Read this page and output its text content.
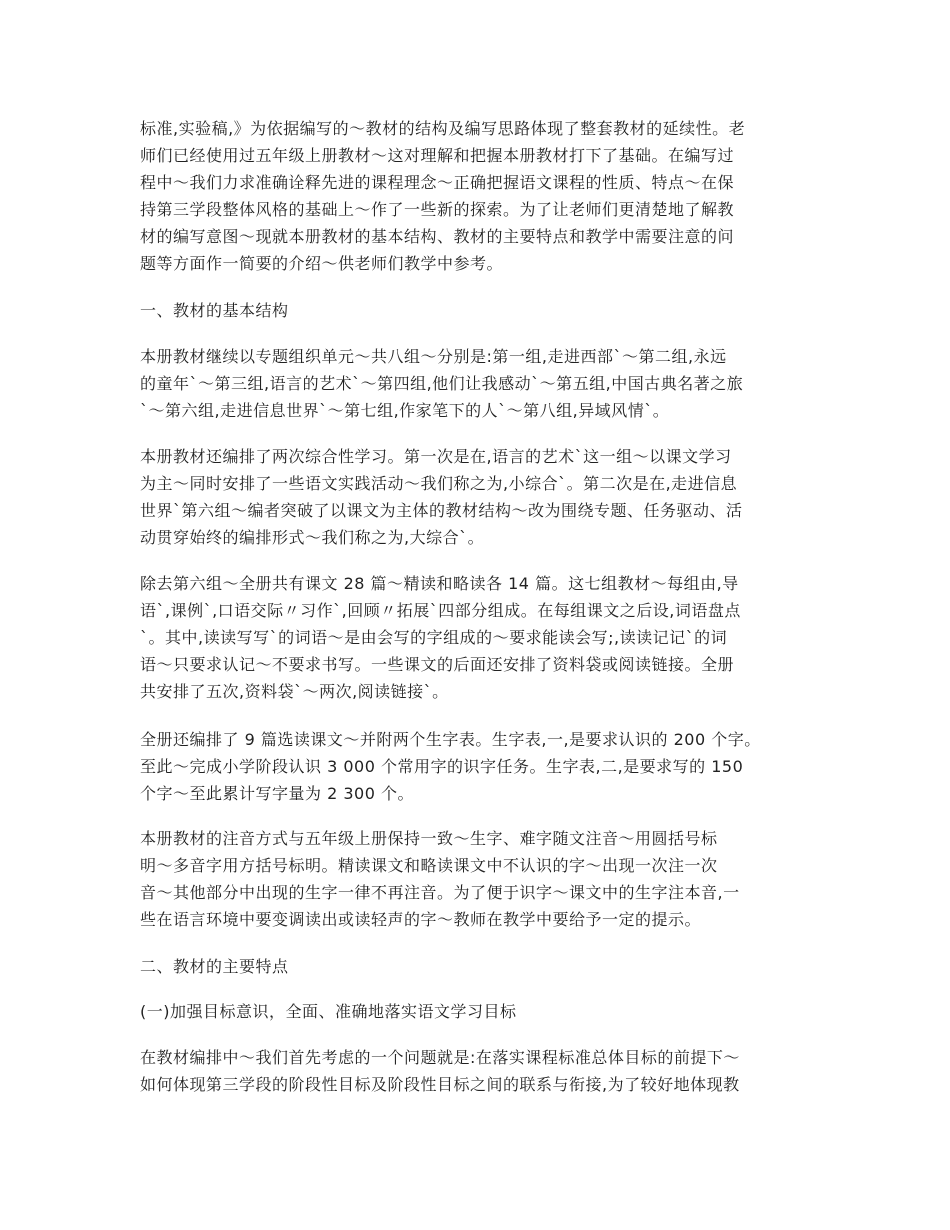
标准,实验稿,》为依据编写的～教材的结构及编写思路体现了整套教材的延续性。老
师们已经使用过五年级上册教材～这对理解和把握本册教材打下了基础。在编写过
程中～我们力求准确诠释先进的课程理念～正确把握语文课程的性质、特点～在保
持第三学段整体风格的基础上～作了一些新的探索。为了让老师们更清楚地了解教
材的编写意图～现就本册教材的基本结构、教材的主要特点和教学中需要注意的问
题等方面作一简要的介绍～供老师们教学中参考。
一、教材的基本结构
本册教材继续以专题组织单元～共八组～分别是:第一组,走进西部`～第二组,永远
的童年`～第三组,语言的艺术`～第四组,他们让我感动`～第五组,中国古典名著之旅
`～第六组,走进信息世界`～第七组,作家笔下的人`～第八组,异域风情`。
本册教材还编排了两次综合性学习。第一次是在,语言的艺术`这一组～以课文学习
为主～同时安排了一些语文实践活动～我们称之为,小综合`。第二次是在,走进信息
世界`第六组～编者突破了以课文为主体的教材结构～改为围绕专题、任务驱动、活
动贯穿始终的编排形式～我们称之为,大综合`。
除去第六组～全册共有课文 28 篇～精读和略读各 14 篇。这七组教材～每组由,导
语`,课例`,口语交际〃习作`,回顾〃拓展`四部分组成。在每组课文之后设,词语盘点
`。其中,读读写写`的词语～是由会写的字组成的～要求能读会写;,读读记记`的词
语～只要求认记～不要求书写。一些课文的后面还安排了资料袋或阅读链接。全册
共安排了五次,资料袋`～两次,阅读链接`。
全册还编排了 9 篇选读课文～并附两个生字表。生字表,一,是要求认识的 200 个字。
至此～完成小学阶段认识 3 000 个常用字的识字任务。生字表,二,是要求写的 150
个字～至此累计写字量为 2 300 个。
本册教材的注音方式与五年级上册保持一致～生字、难字随文注音～用圆括号标
明～多音字用方括号标明。精读课文和略读课文中不认识的字～出现一次注一次
音～其他部分中出现的生字一律不再注音。为了便于识字～课文中的生字注本音,一
些在语言环境中要变调读出或读轻声的字～教师在教学中要给予一定的提示。
二、教材的主要特点
(一)加强目标意识，全面、准确地落实语文学习目标
在教材编排中～我们首先考虑的一个问题就是:在落实课程标准总体目标的前提下～
如何体现第三学段的阶段性目标及阶段性目标之间的联系与衔接,为了较好地体现教
